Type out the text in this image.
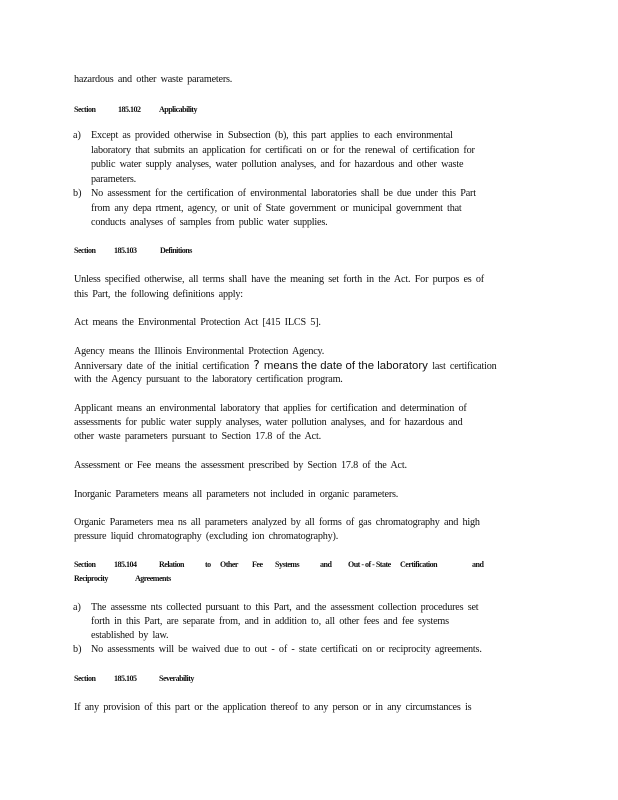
hazardous and other waste parameters.
Section	185.102 Applicability
a) Except as provided otherwise in Subsection (b), this part applies to each environmental
laboratory that submits an application for certificati on or for the renewal of certification for
public water supply analyses, water pollution analyses, and for hazardous and other waste
parameters.
b) No assessment for the certification of environmental laboratories shall be due under this Part
from any depa rtment, agency, or unit of State government or municipal government that
conducts analyses of samples from public water supplies.
Section 185.103	Definitions
Unless specified otherwise, all terms shall have the meaning set forth in the Act. For purpos es of
this Part, the following definitions apply:
Act means the Environmental Protection Act [415 ILCS 5].
Agency means the Illinois Environmental Protection Agency.
Anniversary date of the initial certification ? means the date of the laboratory last certification
with the Agency pursuant to the laboratory certification program.
Applicant means an environmental laboratory that applies for certification and determination of
assessments for public water supply analyses, water pollution analyses, and for hazardous and
other waste parameters pursuant to Section 17.8 of the Act.
Assessment or Fee means the assessment prescribed by Section 17.8 of the Act.
Inorganic Parameters means all parameters not included in organic parameters.
Organic Parameters mea ns all parameters analyzed by all forms of gas chromatography and high
pressure liquid chromatography (excluding ion chromatography).
Section 185.104	Relation	to Other Fee Systems	and Out - of - State Certification	and
Reciprocity	Agreements
a) The assessme nts collected pursuant to this Part, and the assessment collection procedures set
forth in this Part, are separate from, and in addition to, all other fees and fee systems
established by law.
b) No assessments will be waived due to out - of - state certificati on or reciprocity agreements.
Section 185.105	Severability
If any provision of this part or the application thereof to any person or in any circumstances is
